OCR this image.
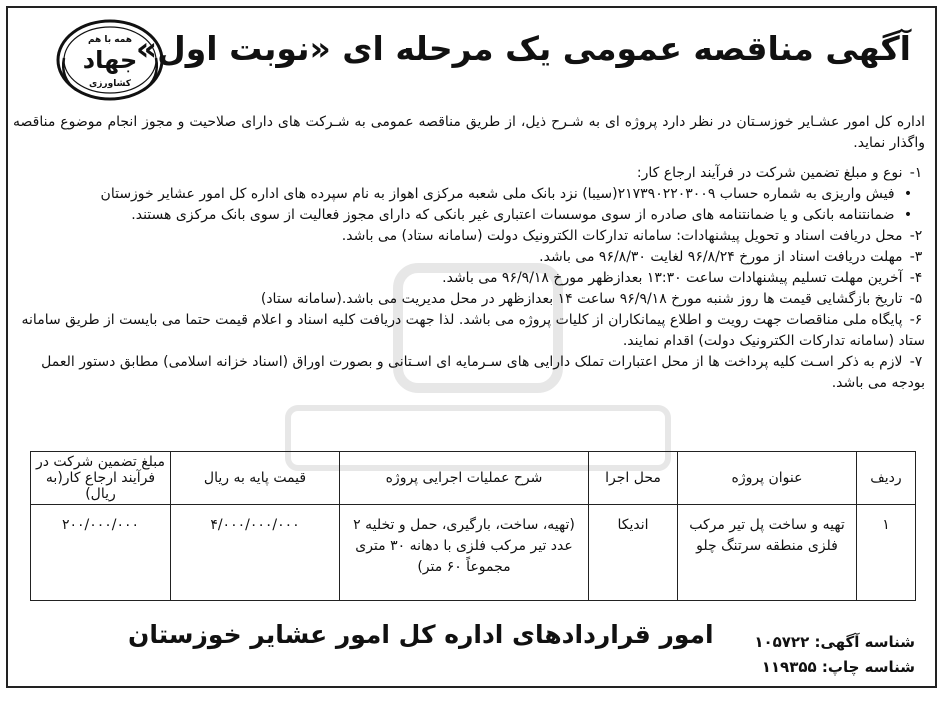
همه با هم
جهاد
کشاورزی
آگهی مناقصه عمومی یک مرحله ای «نوبت اول»

اداره کل امور عشـایر خوزسـتان در نظر دارد پروژه ای به شـرح ذیل، از طریق مناقصه عمومی به شـرکت های دارای صلاحیت و مجوز انجام موضوع مناقصه واگذار نماید.

۱- نوع و مبلغ تضمین شرکت در فرآیند ارجاع کار:
• فیش واریزی به شماره حساب ۲۱۷۳۹۰۲۲۰۳۰۰۹(سیبا) نزد بانک ملی شعبه مرکزی اهواز به نام سپرده های اداره کل امور عشایر خوزستان
• ضمانتنامه بانکی و یا ضمانتنامه های صادره از سوی موسسات اعتباری غیر بانکی که دارای مجوز فعالیت از سوی بانک مرکزی هستند.
۲- محل دریافت اسناد و تحویل پیشنهادات: سامانه تدارکات الکترونیک دولت (سامانه ستاد) می باشد.
۳- مهلت دریافت اسناد از مورخ ۹۶/۸/۲۴ لغایت ۹۶/۸/۳۰ می باشد.
۴- آخرین مهلت تسلیم پیشنهادات ساعت ۱۳:۳۰ بعدازظهر مورخ ۹۶/۹/۱۸ می باشد.
۵- تاریخ بازگشایی قیمت ها روز شنبه مورخ ۹۶/۹/۱۸ ساعت ۱۴ بعدازظهر در محل مدیریت می باشد.(سامانه ستاد)
۶- پایگاه ملی مناقصات جهت رویت و اطلاع پیمانکاران از کلیات پروژه می باشد. لذا جهت دریافت کلیه اسناد و اعلام قیمت حتما می بایست از طریق سامانه ستاد (سامانه تدارکات الکترونیک دولت) اقدام نمایند.
۷- لازم به ذکر اسـت کلیه پرداخت ها از محل اعتبارات تملک دارایی های سـرمایه ای اسـتانی و بصورت اوراق (اسناد خزانه اسلامی) مطابق دستور العمل بودجه می باشد.
ردیف	عنوان پروژه	محل اجرا	شرح عملیات اجرایی پروژه	قیمت پایه به ریال	مبلغ تضمین شرکت در فرآیند ارجاع کار(به ریال)
۱	تهیه و ساخت پل تیر مرکب فلزی منطقه سرتنگ چلو	اندیکا	(تهیه، ساخت، بارگیری، حمل و تخلیه ۲ عدد تیر مرکب فلزی با دهانه ۳۰ متری مجموعاً ۶۰ متر)	۴/۰۰۰/۰۰۰/۰۰۰	۲۰۰/۰۰۰/۰۰۰
امور قراردادهای اداره کل امور عشایر خوزستان	شناسه آگهی: ۱۰۵۷۲۲
شناسه چاپ: ۱۱۹۳۵۵
